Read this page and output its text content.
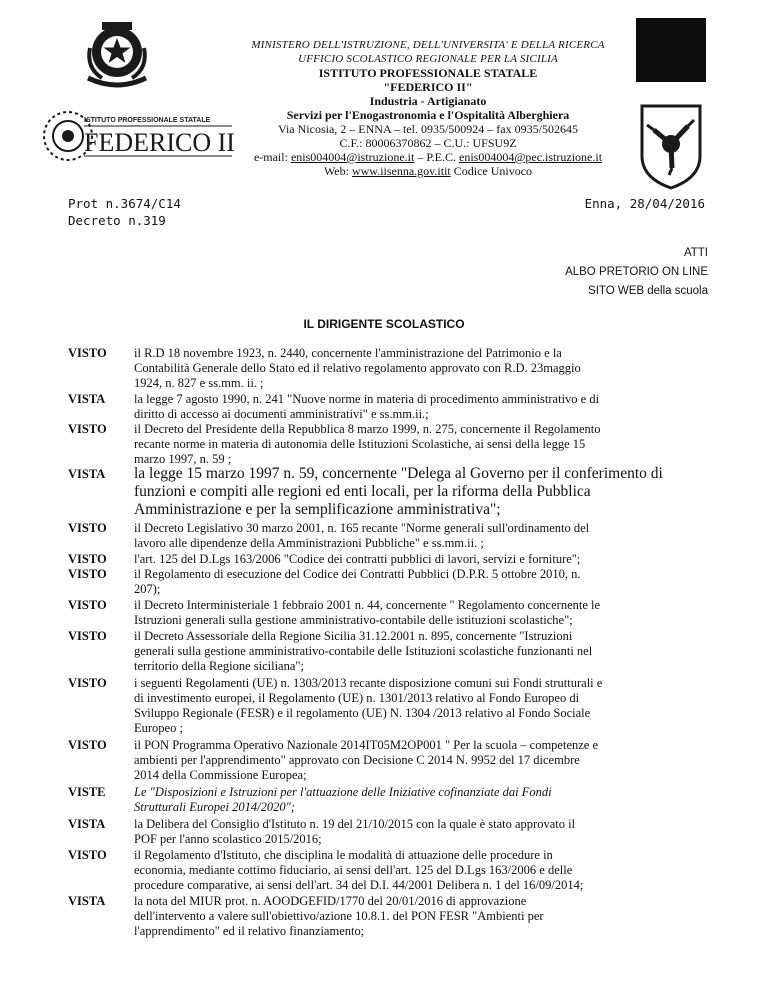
ISTITUTO PROFESSIONALE STATALE
FEDERICO II
MINISTERO DELL'ISTRUZIONE, DELL'UNIVERSITA' E DELLA RICERCA
UFFICIO SCOLASTICO REGIONALE PER LA SICILIA
ISTITUTO PROFESSIONALE STATALE
"FEDERICO II"
Industria - Artigianato
Servizi per l'Enogastronomia e l'Ospitalità Alberghiera
Via Nicosia, 2 – ENNA – tel. 0935/500924 – fax 0935/502645
C.F.: 80006370862 – C.U.: UFSU9Z
e-mail: enis004004@istruzione.it – P.E.C. enis004004@pec.istruzione.it
Web: www.iisenna.gov.itit Codice Univoco
Prot n.3674/C14
Decreto n.319
Enna, 28/04/2016
ATTI
ALBO PRETORIO ON LINE
SITO WEB della scuola
IL DIRIGENTE SCOLASTICO
VISTO il R.D 18 novembre 1923, n. 2440, concernente l'amministrazione del Patrimonio e la
Contabilità Generale dello Stato ed il relativo regolamento approvato con R.D. 23maggio
1924, n. 827 e ss.mm. ii. ;
VISTA la legge 7 agosto 1990, n. 241 "Nuove norme in materia di procedimento amministrativo e di
diritto di accesso ai documenti amministrativi" e ss.mm.ii.;
VISTO il Decreto del Presidente della Repubblica 8 marzo 1999, n. 275, concernente il Regolamento
recante norme in materia di autonomia delle Istituzioni Scolastiche, ai sensi della legge 15
marzo 1997, n. 59 ;
VISTA la legge 15 marzo 1997 n. 59, concernente "Delega al Governo per il conferimento di
funzioni e compiti alle regioni ed enti locali, per la riforma della Pubblica
Amministrazione e per la semplificazione amministrativa";
VISTO il Decreto Legislativo 30 marzo 2001, n. 165 recante "Norme generali sull'ordinamento del
lavoro alle dipendenze della Amministrazioni Pubbliche" e ss.mm.ii. ;
VISTO l'art. 125 del D.Lgs 163/2006 "Codice dei contratti pubblici di lavori, servizi e forniture";
VISTO il Regolamento di esecuzione del Codice dei Contratti Pubblici (D.P.R. 5 ottobre 2010, n.
207);
VISTO il Decreto Interministeriale 1 febbraio 2001 n. 44, concernente " Regolamento concernente le
Istruzioni generali sulla gestione amministrativo-contabile delle istituzioni scolastiche";
VISTO il Decreto Assessoriale della Regione Sicilia 31.12.2001 n. 895, concernente "Istruzioni
generali sulla gestione amministrativo-contabile delle Istituzioni scolastiche funzionanti nel
territorio della Regione siciliana";
VISTO i seguenti Regolamenti (UE) n. 1303/2013 recante disposizione comuni sui Fondi strutturali e
di investimento europei, il Regolamento (UE) n. 1301/2013 relativo al Fondo Europeo di
Sviluppo Regionale (FESR) e il regolamento (UE) N. 1304 /2013 relativo al Fondo Sociale
Europeo ;
VISTO il PON Programma Operativo Nazionale 2014IT05M2OP001 " Per la scuola – competenze e
ambienti per l'apprendimento" approvato con Decisione C 2014 N. 9952 del 17 dicembre
2014 della Commissione Europea;
VISTE Le "Disposizioni e Istruzioni per l'attuazione delle Iniziative cofinanziate dai Fondi
Strutturali Europei 2014/2020";
VISTA la Delibera del Consiglio d'Istituto n. 19 del 21/10/2015 con la quale è stato approvato il
POF per l'anno scolastico 2015/2016;
VISTO il Regolamento d'Istituto, che disciplina le modalità di attuazione delle procedure in
economia, mediante cottimo fiduciario, ai sensi dell'art. 125 del D.Lgs 163/2006 e delle
procedure comparative, ai sensi dell'art. 34 del D.I. 44/2001 Delibera n. 1 del 16/09/2014;
VISTA la nota del MIUR prot. n. AOODGEFID/1770 del 20/01/2016 di approvazione
dell'intervento a valere sull'obiettivo/azione 10.8.1. del PON FESR "Ambienti per
l'apprendimento" ed il relativo finanziamento;
